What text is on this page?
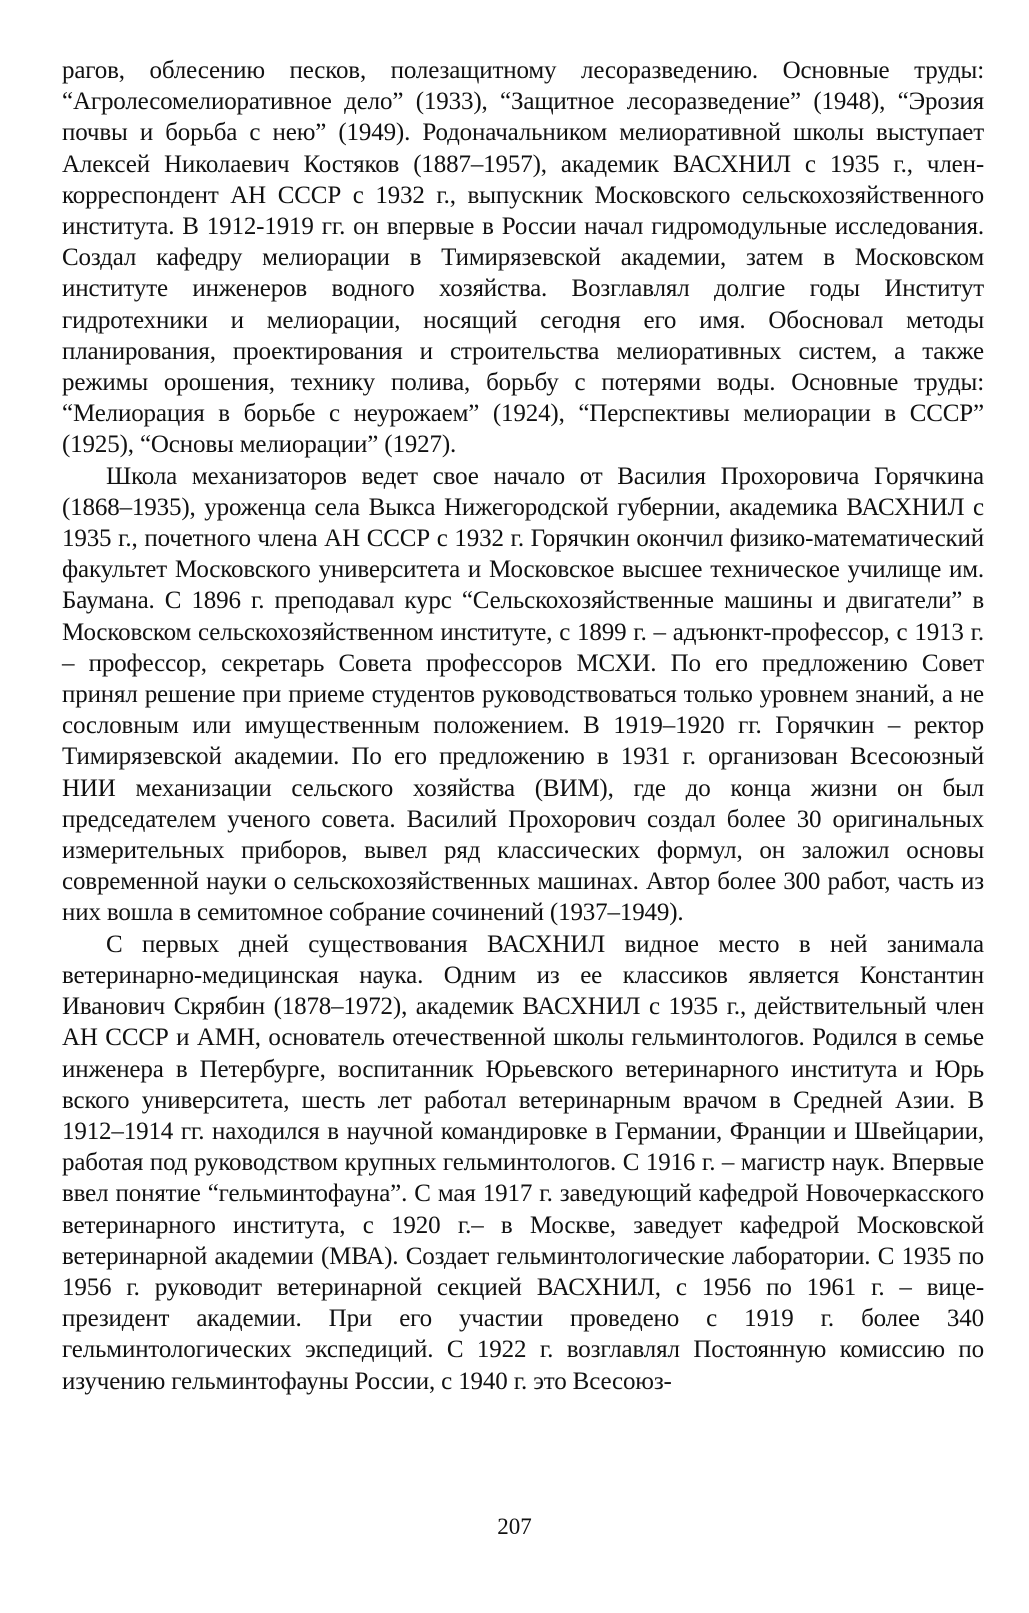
рагов, облесению песков, полезащитному лесоразведению. Основные труды: “Агролесомелиоративное дело” (1933), “Защитное лесоразведение” (1948), “Эрозия почвы и борьба с нею” (1949). Родоначальником мелиоративной школы выступает Алексей Николаевич Костяков (1887–1957), академик ВАСХНИЛ с 1935 г., член-корреспондент АН СССР с 1932 г., выпускник Московского сельскохозяйственного института. В 1912-1919 гг. он впервые в России начал гидромодульные исследования. Создал кафедру мелиорации в Тимирязевской академии, затем в Московском институте инженеров водного хозяйства. Возглавлял долгие годы Институт гидротехники и мелиорации, носящий сегодня его имя. Обосновал методы планирования, проектирования и строительства мелиоративных систем, а также режимы орошения, технику полива, борьбу с потерями воды. Основные труды: “Мелиорация в борьбе с неурожаем” (1924), “Перспективы мелиорации в СССР” (1925), “Основы мелиорации” (1927).

Школа механизаторов ведет свое начало от Василия Прохоровича Горячкина (1868–1935), уроженца села Выкса Нижегородской губернии, академика ВАСХНИЛ с 1935 г., почетного члена АН СССР с 1932 г. Горячкин окончил физико-математический факультет Московского университета и Московское высшее техническое училище им. Баумана. С 1896 г. преподавал курс “Сельскохозяйственные машины и двигатели” в Московском сельскохозяйственном институте, с 1899 г. – адъюнкт-профессор, с 1913 г. – профессор, секретарь Совета профессоров МСХИ. По его предложению Совет принял решение при приеме студентов руководствоваться только уровнем знаний, а не сословным или имущественным положением. В 1919–1920 гг. Горячкин – ректор Тимирязевской академии. По его предложению в 1931 г. организован Всесоюзный НИИ механизации сельского хозяйства (ВИМ), где до конца жизни он был председателем ученого совета. Василий Прохорович создал более 30 оригинальных измерительных приборов, вывел ряд классических формул, он заложил основы современной науки о сельскохозяйственных машинах. Автор более 300 работ, часть из них вошла в семитомное собрание сочинений (1937–1949).

С первых дней существования ВАСХНИЛ видное место в ней занимала ветеринарно-медицинская наука. Одним из ее классиков является Константин Иванович Скрябин (1878–1972), академик ВАСХНИЛ с 1935 г., действительный член АН СССР и АМН, основатель отечественной школы гельминтологов. Родился в семье инженера в Петербурге, воспитанник Юрьевского ветеринарного института и Юрь вского университета, шесть лет работал ветеринарным врачом в Средней Азии. В 1912–1914 гг. находился в научной командировке в Германии, Франции и Швейцарии, работая под руководством крупных гельминтологов. С 1916 г. – магистр наук. Впервые ввел понятие “гельминтофауна”. С мая 1917 г. заведующий кафедрой Новочеркасского ветеринарного института, с 1920 г.– в Москве, заведует кафедрой Московской ветеринарной академии (МВА). Создает гельминтологические лаборатории. С 1935 по 1956 г. руководит ветеринарной секцией ВАСХНИЛ, с 1956 по 1961 г. – вице-президент академии. При его участии проведено с 1919 г. более 340 гельминтологических экспедиций. С 1922 г. возглавлял Постоянную комиссию по изучению гельминтофауны России, с 1940 г. это Всесоюз-

207
